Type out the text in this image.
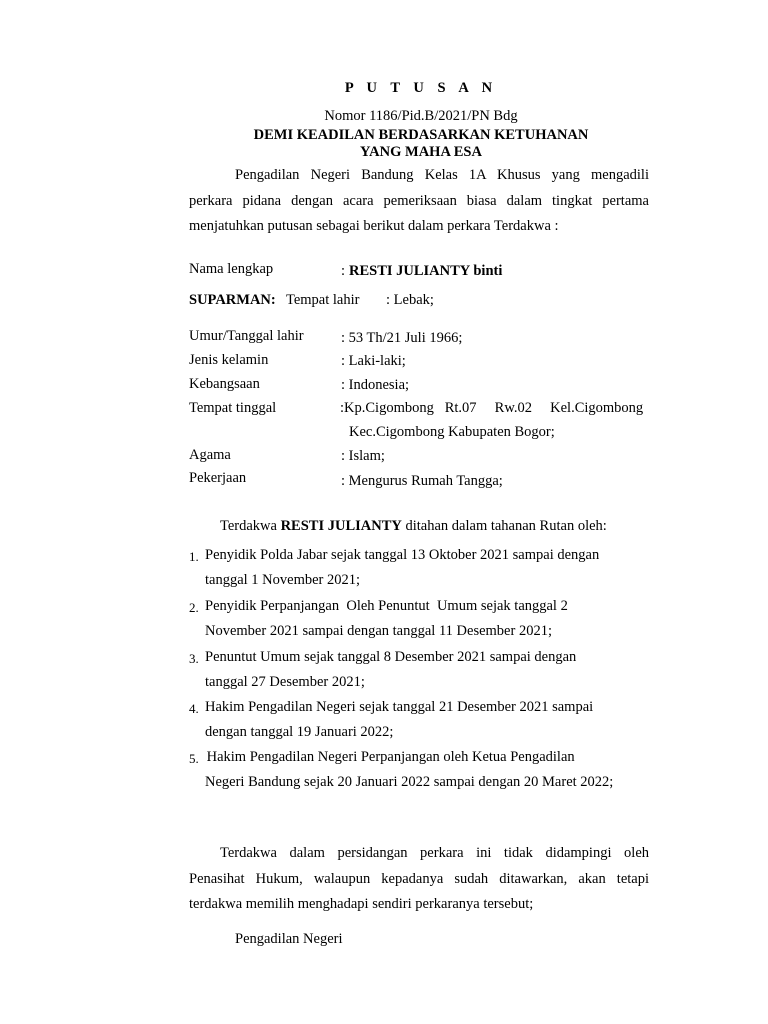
P U T U S A N
Nomor 1186/Pid.B/2021/PN Bdg
DEMI KEADILAN BERDASARKAN KETUHANAN
YANG MAHA ESA
Pengadilan Negeri Bandung Kelas 1A Khusus yang mengadili
perkara pidana dengan acara pemeriksaan biasa dalam tingkat pertama
menjatuhkan putusan sebagai berikut dalam perkara Terdakwa :
Nama lengkap	: RESTI JULIANTY binti
SUPARMAN: Tempat lahir : Lebak;
Umur/Tanggal lahir	: 53 Th/21 Juli 1966;
Jenis kelamin	: Laki-laki;
Kebangsaan	: Indonesia;
Tempat tinggal	:Kp.Cigombong   Rt.07     Rw.02     Kel.Cigombong
Kec.Cigombong Kabupaten Bogor;
Agama	: Islam;
Pekerjaan	: Mengurus Rumah Tangga;
Terdakwa RESTI JULIANTY ditahan dalam tahanan Rutan oleh:
1. Penyidik Polda Jabar sejak tanggal 13 Oktober 2021 sampai dengan
tanggal 1 November 2021;
2. Penyidik Perpanjangan  Oleh Penuntut  Umum sejak tanggal 2
November 2021 sampai dengan tanggal 11 Desember 2021;
3. Penuntut Umum sejak tanggal 8 Desember 2021 sampai dengan
tanggal 27 Desember 2021;
4. Hakim Pengadilan Negeri sejak tanggal 21 Desember 2021 sampai
dengan tanggal 19 Januari 2022;
5. Hakim Pengadilan Negeri Perpanjangan oleh Ketua Pengadilan
Negeri Bandung sejak 20 Januari 2022 sampai dengan 20 Maret 2022;
Terdakwa dalam persidangan perkara ini tidak didampingi oleh
Penasihat Hukum, walaupun kepadanya sudah ditawarkan, akan tetapi
terdakwa memilih menghadapi sendiri perkaranya tersebut;
Pengadilan Negeri
